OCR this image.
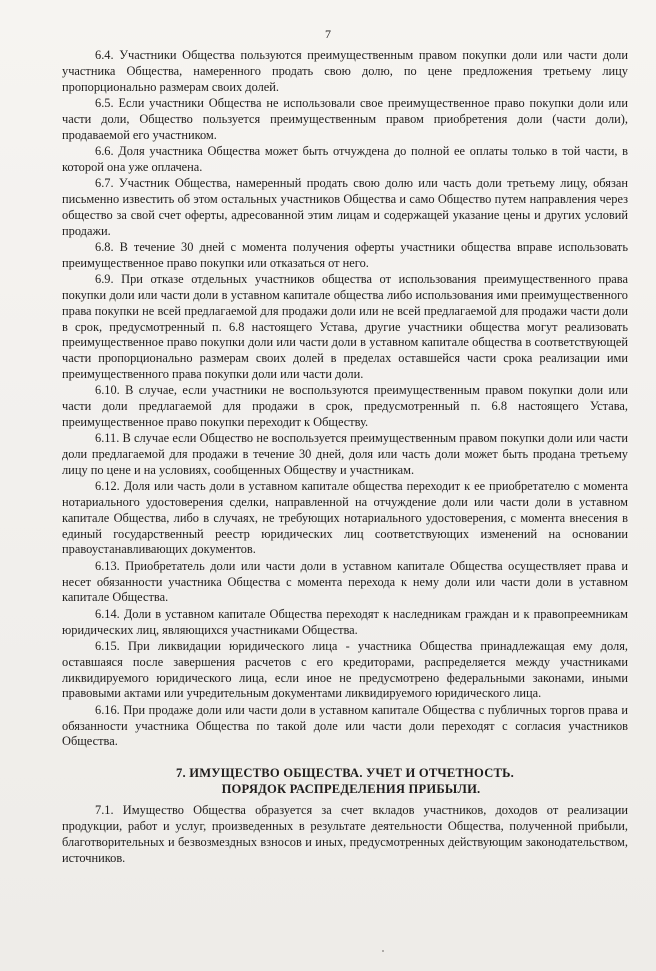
7

6.4. Участники Общества пользуются преимущественным правом покупки доли или части доли участника Общества, намеренного продать свою долю, по цене предложения третьему лицу пропорционально размерам своих долей.

6.5. Если участники Общества не использовали свое преимущественное право покупки доли или части доли, Общество пользуется преимущественным правом приобретения доли (части доли), продаваемой его участником.

6.6. Доля участника Общества может быть отчуждена до полной ее оплаты только в той части, в которой она уже оплачена.

6.7. Участник Общества, намеренный продать свою долю или часть доли третьему лицу, обязан письменно известить об этом остальных участников Общества и само Общество путем направления через общество за свой счет оферты, адресованной этим лицам и содержащей указание цены и других условий продажи.

6.8. В течение 30 дней с момента получения оферты участники общества вправе использовать преимущественное право покупки или отказаться от него.

6.9. При отказе отдельных участников общества от использования преимущественного права покупки доли или части доли в уставном капитале общества либо использования ими преимущественного права покупки не всей предлагаемой для продажи доли или не всей предлагаемой для продажи части доли в срок, предусмотренный п. 6.8 настоящего Устава, другие участники общества могут реализовать преимущественное право покупки доли или части доли в уставном капитале общества в соответствующей части пропорционально размерам своих долей в пределах оставшейся части срока реализации ими преимущественного права покупки доли или части доли.

6.10. В случае, если участники не воспользуются преимущественным правом покупки доли или части доли предлагаемой для продажи в срок, предусмотренный п. 6.8 настоящего Устава, преимущественное право покупки переходит к Обществу.

6.11. В случае если Общество не воспользуется преимущественным правом покупки доли или части доли предлагаемой для продажи в течение 30 дней, доля или часть доли может быть продана третьему лицу по цене и на условиях, сообщенных Обществу и участникам.

6.12. Доля или часть доли в уставном капитале общества переходит к ее приобретателю с момента нотариального удостоверения сделки, направленной на отчуждение доли или части доли в уставном капитале Общества, либо в случаях, не требующих нотариального удостоверения, с момента внесения в единый государственный реестр юридических лиц соответствующих изменений на основании правоустанавливающих документов.

6.13. Приобретатель доли или части доли в уставном капитале Общества осуществляет права и несет обязанности участника Общества с момента перехода к нему доли или части доли в уставном капитале Общества.

6.14. Доли в уставном капитале Общества переходят к наследникам граждан и к правопреемникам юридических лиц, являющихся участниками Общества.

6.15. При ликвидации юридического лица - участника Общества принадлежащая ему доля, оставшаяся после завершения расчетов с его кредиторами, распределяется между участниками ликвидируемого юридического лица, если иное не предусмотрено федеральными законами, иными правовыми актами или учредительным документами ликвидируемого юридического лица.

6.16. При продаже доли или части доли в уставном капитале Общества с публичных торгов права и обязанности участника Общества по такой доле или части доли переходят с согласия участников Общества.

7. ИМУЩЕСТВО ОБЩЕСТВА. УЧЕТ И ОТЧЕТНОСТЬ.
ПОРЯДОК РАСПРЕДЕЛЕНИЯ ПРИБЫЛИ.

7.1. Имущество Общества образуется за счет вкладов участников, доходов от реализации продукции, работ и услуг, произведенных в результате деятельности Общества, полученной прибыли, благотворительных и безвозмездных взносов и иных, предусмотренных действующим законодательством, источников.
